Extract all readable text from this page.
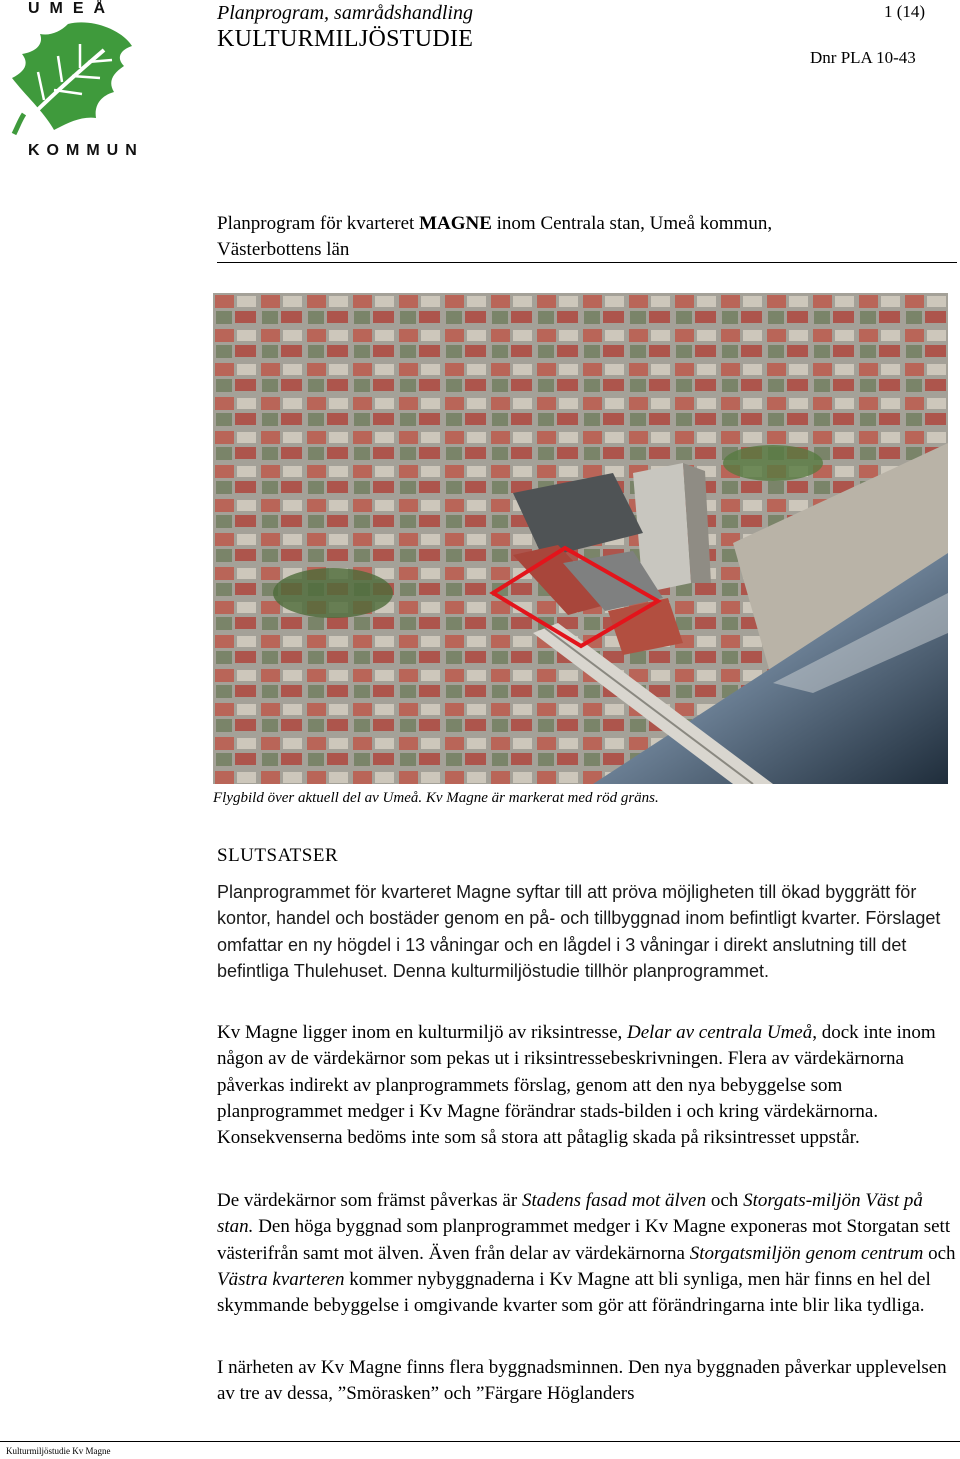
UMEÅ
KOMMUN
Planprogram, samrådshandling
KULTURMILJÖSTUDIE
1 (14)
Dnr PLA 10-43
Planprogram för kvarteret MAGNE inom Centrala stan, Umeå kommun,
Västerbottens län
Flygbild över aktuell del av Umeå. Kv Magne är markerat med röd gräns.
SLUTSATSER
Planprogrammet för kvarteret Magne syftar till att pröva möjligheten till ökad byggrätt för kontor, handel och bostäder genom en på- och tillbyggnad inom befintligt kvarter. Förslaget omfattar en ny högdel i 13 våningar och en lågdel i 3 våningar i direkt anslutning till det befintliga Thulehuset. Denna kulturmiljöstudie tillhör planprogrammet.
Kv Magne ligger inom en kulturmiljö av riksintresse, Delar av centrala Umeå, dock inte inom någon av de värdekärnor som pekas ut i riksintressebeskrivningen. Flera av värdekärnorna påverkas indirekt av planprogrammets förslag, genom att den nya bebyggelse som planprogrammet medger i Kv Magne förändrar stads-bilden i och kring värdekärnorna. Konsekvenserna bedöms inte som så stora att påtaglig skada på riksintresset uppstår.
De värdekärnor som främst påverkas är Stadens fasad mot älven och Storgats-miljön Väst på stan. Den höga byggnad som planprogrammet medger i Kv Magne exponeras mot Storgatan sett västerifrån samt mot älven. Även från delar av värdekärnorna Storgatsmiljön genom centrum och Västra kvarteren kommer nybyggnaderna i Kv Magne att bli synliga, men här finns en hel del skymmande bebyggelse i omgivande kvarter som gör att förändringarna inte blir lika tydliga.
I närheten av Kv Magne finns flera byggnadsminnen. Den nya byggnaden påverkar upplevelsen av tre av dessa, ”Smörasken” och ”Färgare Höglanders
Kulturmiljöstudie Kv Magne
